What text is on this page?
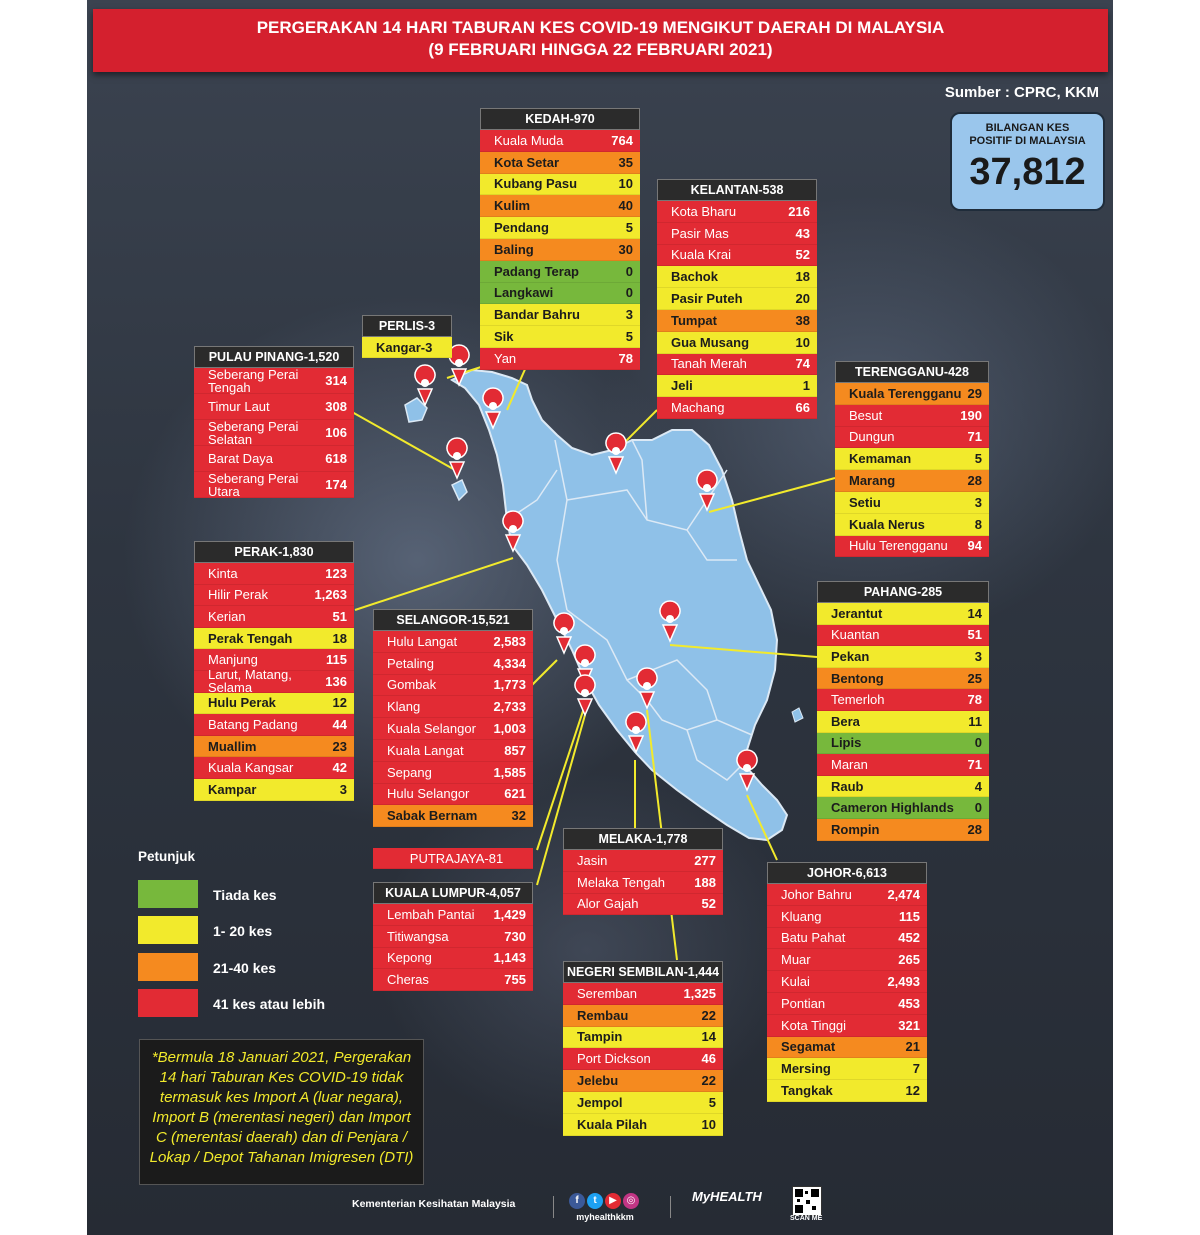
PERGERAKAN 14 HARI TABURAN KES COVID-19 MENGIKUT DAERAH DI MALAYSIA
(9 FEBRUARI HINGGA 22 FEBRUARI 2021)
Sumber : CPRC, KKM
BILANGAN KES
POSITIF DI MALAYSIA
37,812
KEDAH-970
Kuala Muda	764
Kota Setar	35
Kubang Pasu	10
Kulim	40
Pendang	5
Baling	30
Padang Terap	0
Langkawi	0
Bandar Bahru	3
Sik	5
Yan	78
KELANTAN-538
Kota Bharu	216
Pasir Mas	43
Kuala Krai	52
Bachok	18
Pasir Puteh	20
Tumpat	38
Gua Musang	10
Tanah Merah	74
Jeli	1
Machang	66
PERLIS-3
Kangar-3
PULAU PINANG-1,520
Seberang Perai Tengah	314
Timur Laut	308
Seberang Perai Selatan	106
Barat Daya	618
Seberang Perai Utara	174
TERENGGANU-428
Kuala Terengganu 29
Besut	190
Dungun	71
Kemaman	5
Marang	28
Setiu	3
Kuala Nerus	8
Hulu Terengganu 94
PERAK-1,830
Kinta	123
Hilir Perak	1,263
Kerian	51
Perak Tengah	18
Manjung	115
Larut, Matang, Selama	136
Hulu Perak	12
Batang Padang	44
Muallim	23
Kuala Kangsar	42
Kampar	3
SELANGOR-15,521
Hulu Langat	2,583
Petaling	4,334
Gombak	1,773
Klang	2,733
Kuala Selangor 1,003
Kuala Langat	857
Sepang	1,585
Hulu Selangor	621
Sabak Bernam	32
PAHANG-285
Jerantut	14
Kuantan	51
Pekan	3
Bentong	25
Temerloh	78
Bera	11
Lipis	0
Maran	71
Raub	4
Cameron Highlands 0
Rompin	28
PUTRAJAYA-81
MELAKA-1,778
Jasin	277
Melaka Tengah 188
Alor Gajah	52
KUALA LUMPUR-4,057
Lembah Pantai 1,429
Titiwangsa	730
Kepong	1,143
Cheras	755
JOHOR-6,613
Johor Bahru	2,474
Kluang	115
Batu Pahat	452
Muar	265
Kulai	2,493
Pontian	453
Kota Tinggi	321
Segamat	21
Mersing	7
Tangkak	12
NEGERI SEMBILAN-1,444
Seremban	1,325
Rembau	22
Tampin	14
Port Dickson	46
Jelebu	22
Jempol	5
Kuala Pilah	10
Petunjuk
Tiada kes
1- 20 kes
21-40 kes
41 kes atau lebih
*Bermula 18 Januari 2021, Pergerakan 14 hari Taburan Kes COVID-19 tidak termasuk kes Import A (luar negara), Import B (merentasi negeri) dan Import C (merentasi daerah) dan di Penjara / Lokap / Depot Tahanan Imigresen (DTI)
Kementerian Kesihatan Malaysia	f t ▶ ◎
myhealthkkm
MyHEALTH
SCAN ME
